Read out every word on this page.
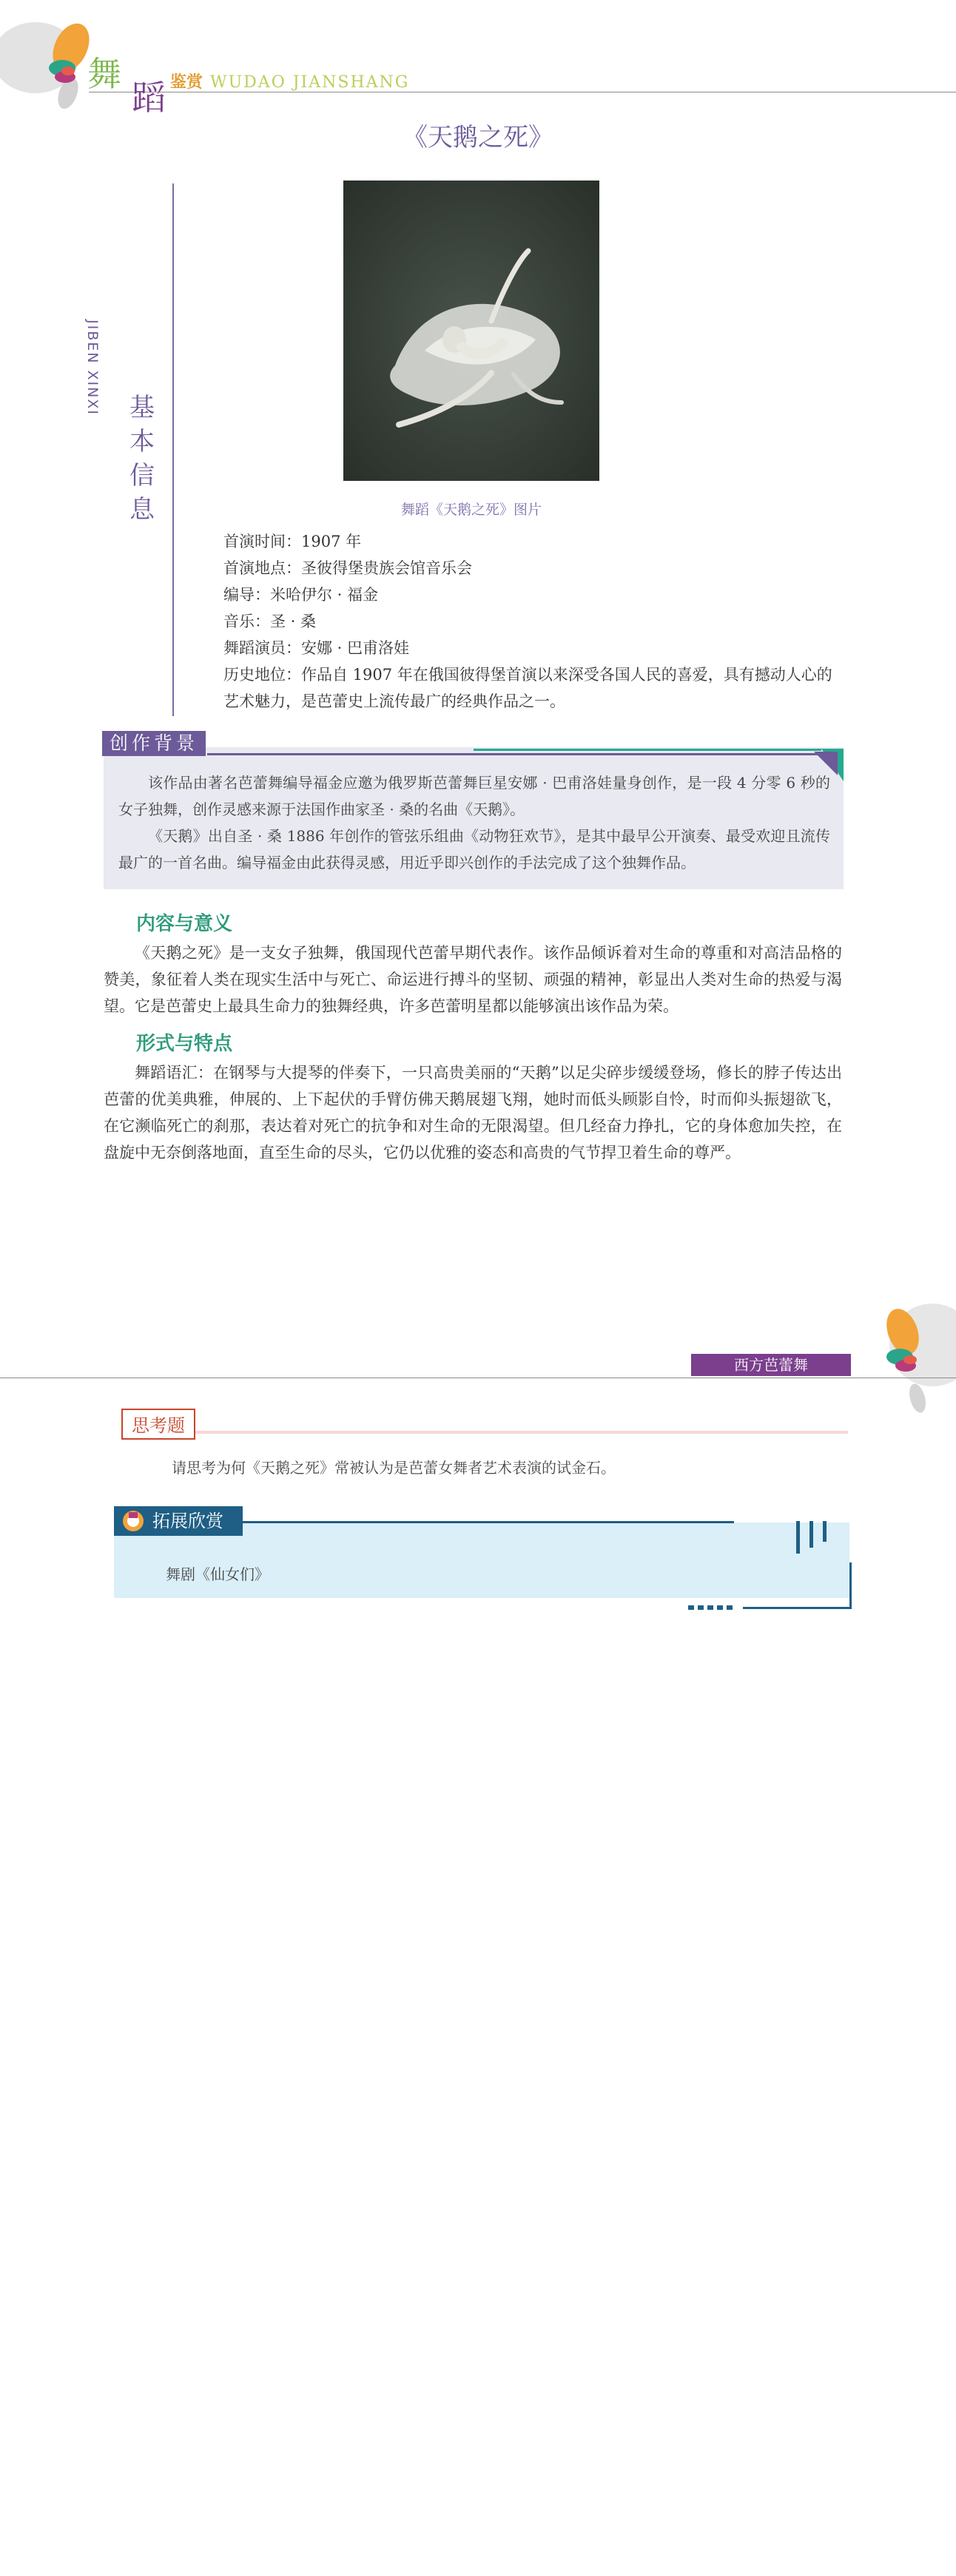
舞
蹈 鉴赏 WUDAO JIANSHANG
《天鹅之死》
JIBEN XINXI 基
本
信
息	舞蹈《天鹅之死》图片
首演时间：1907 年
首演地点：圣彼得堡贵族会馆音乐会
编导：米哈伊尔 · 福金
音乐：圣 · 桑
舞蹈演员：安娜 · 巴甫洛娃
历史地位：作品自 1907 年在俄国彼得堡首演以来深受各国人民的喜爱，具有撼动人心的艺术魅力，是芭蕾史上流传最广的经典作品之一。
创作背景

该作品由著名芭蕾舞编导福金应邀为俄罗斯芭蕾舞巨星安娜 · 巴甫洛娃量身创作，是一段 4 分零 6 秒的女子独舞，创作灵感来源于法国作曲家圣 · 桑的名曲《天鹅》。

《天鹅》出自圣 · 桑 1886 年创作的管弦乐组曲《动物狂欢节》，是其中最早公开演奏、最受欢迎且流传最广的一首名曲。编导福金由此获得灵感，用近乎即兴创作的手法完成了这个独舞作品。

内容与意义

《天鹅之死》是一支女子独舞，俄国现代芭蕾早期代表作。该作品倾诉着对生命的尊重和对高洁品格的赞美，象征着人类在现实生活中与死亡、命运进行搏斗的坚韧、顽强的精神，彰显出人类对生命的热爱与渴望。它是芭蕾史上最具生命力的独舞经典，许多芭蕾明星都以能够演出该作品为荣。

形式与特点

舞蹈语汇：在钢琴与大提琴的伴奏下，一只高贵美丽的“天鹅”以足尖碎步缓缓登场，修长的脖子传达出芭蕾的优美典雅，伸展的、上下起伏的手臂仿佛天鹅展翅飞翔，她时而低头顾影自怜，时而仰头振翅欲飞，在它濒临死亡的刹那，表达着对死亡的抗争和对生命的无限渴望。但几经奋力挣扎，它的身体愈加失控，在盘旋中无奈倒落地面，直至生命的尽头，它仍以优雅的姿态和高贵的气节捍卫着生命的尊严。

西方芭蕾舞
思考题
请思考为何《天鹅之死》常被认为是芭蕾女舞者艺术表演的试金石。
拓展欣赏
舞剧《仙女们》
